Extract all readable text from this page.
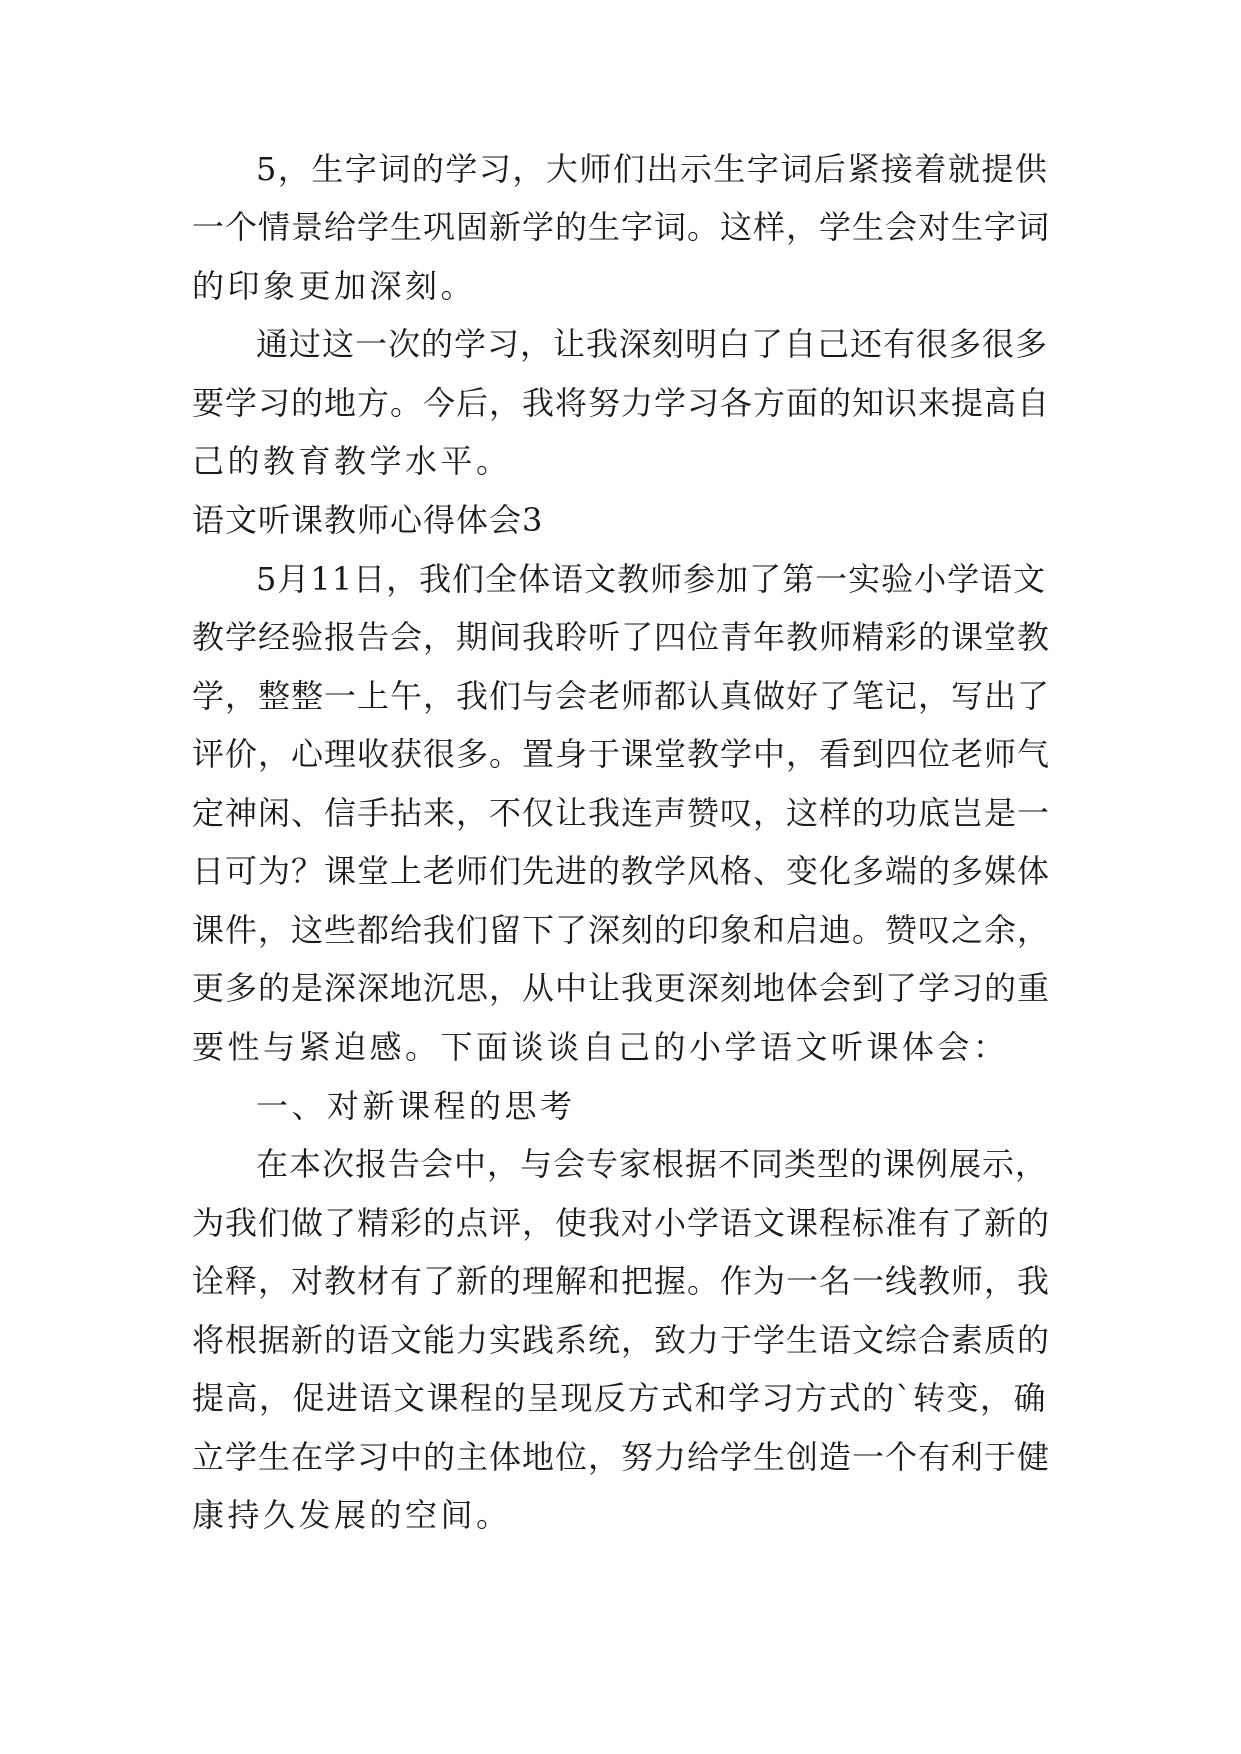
5，生字词的学习，大师们出示生字词后紧接着就提供

一个情景给学生巩固新学的生字词。这样，学生会对生字词

的印象更加深刻。

通过这一次的学习，让我深刻明白了自己还有很多很多

要学习的地方。今后，我将努力学习各方面的知识来提高自

己的教育教学水平。

语文听课教师心得体会3

5月11日，我们全体语文教师参加了第一实验小学语文

教学经验报告会，期间我聆听了四位青年教师精彩的课堂教

学，整整一上午，我们与会老师都认真做好了笔记，写出了

评价，心理收获很多。置身于课堂教学中，看到四位老师气

定神闲、信手拈来，不仅让我连声赞叹，这样的功底岂是一

日可为？课堂上老师们先进的教学风格、变化多端的多媒体

课件，这些都给我们留下了深刻的印象和启迪。赞叹之余，

更多的是深深地沉思，从中让我更深刻地体会到了学习的重

要性与紧迫感。下面谈谈自己的小学语文听课体会：

一、对新课程的思考

在本次报告会中，与会专家根据不同类型的课例展示，

为我们做了精彩的点评，使我对小学语文课程标准有了新的

诠释，对教材有了新的理解和把握。作为一名一线教师，我

将根据新的语文能力实践系统，致力于学生语文综合素质的

提高，促进语文课程的呈现反方式和学习方式的`转变，确

立学生在学习中的主体地位，努力给学生创造一个有利于健

康持久发展的空间。
